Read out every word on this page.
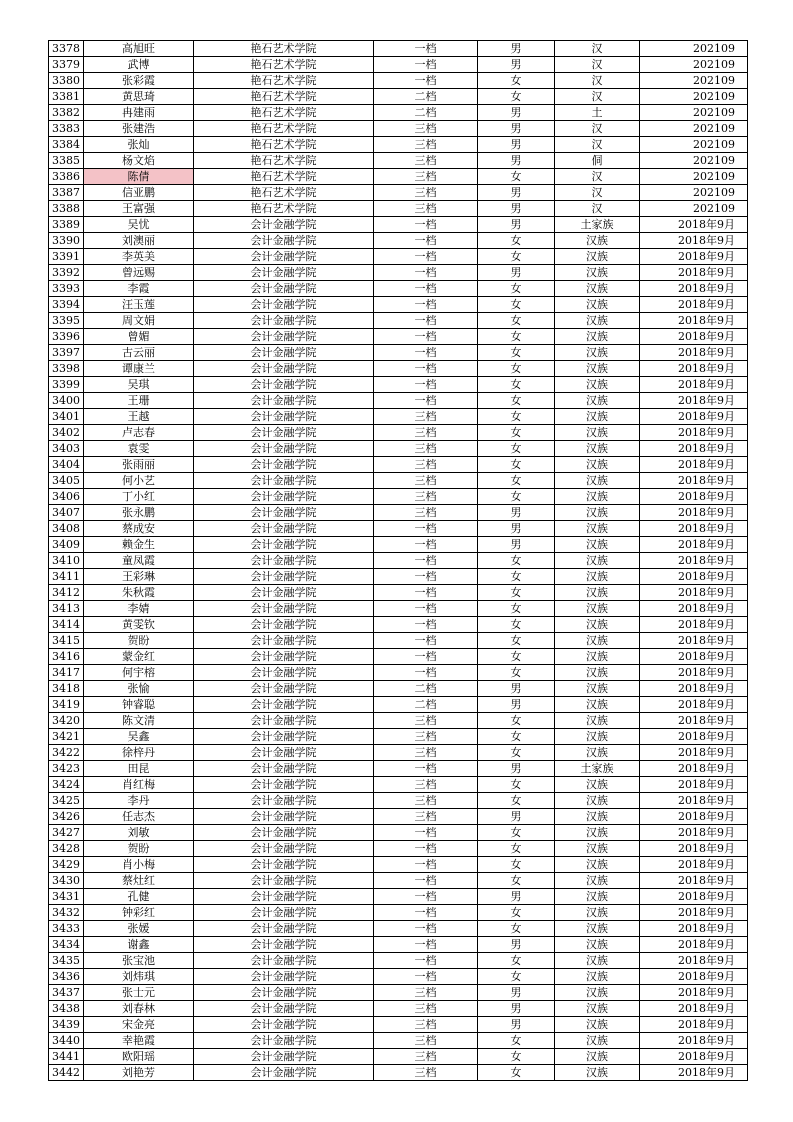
3378	高旭旺	艳石艺术学院	一档	男	汉	202109
3379	武博	艳石艺术学院	一档	男	汉	202109
3380	张彩霞	艳石艺术学院	一档	女	汉	202109
3381	黄思琦	艳石艺术学院	二档	女	汉	202109
3382	冉建雨	艳石艺术学院	二档	男	土	202109
3383	张建浩	艳石艺术学院	三档	男	汉	202109
3384	张灿	艳石艺术学院	三档	男	汉	202109
3385	杨文焰	艳石艺术学院	三档	男	侗	202109
3386	陈倩	艳石艺术学院	三档	女	汉	202109
3387	信亚鹏	艳石艺术学院	三档	男	汉	202109
3388	王富强	艳石艺术学院	三档	男	汉	202109
3389	吴忧	会计金融学院	一档	男	土家族	2018年9月
3390	刘澳丽	会计金融学院	一档	女	汉族	2018年9月
3391	李英美	会计金融学院	一档	女	汉族	2018年9月
3392	曾远赐	会计金融学院	一档	男	汉族	2018年9月
3393	李霞	会计金融学院	一档	女	汉族	2018年9月
3394	汪玉莲	会计金融学院	一档	女	汉族	2018年9月
3395	周文娟	会计金融学院	一档	女	汉族	2018年9月
3396	曾媚	会计金融学院	一档	女	汉族	2018年9月
3397	古云丽	会计金融学院	一档	女	汉族	2018年9月
3398	谭康兰	会计金融学院	一档	女	汉族	2018年9月
3399	吴琪	会计金融学院	一档	女	汉族	2018年9月
3400	王珊	会计金融学院	一档	女	汉族	2018年9月
3401	王越	会计金融学院	三档	女	汉族	2018年9月
3402	卢志春	会计金融学院	三档	女	汉族	2018年9月
3403	袁雯	会计金融学院	三档	女	汉族	2018年9月
3404	张雨丽	会计金融学院	三档	女	汉族	2018年9月
3405	何小艺	会计金融学院	三档	女	汉族	2018年9月
3406	丁小红	会计金融学院	三档	女	汉族	2018年9月
3407	张永鹏	会计金融学院	三档	男	汉族	2018年9月
3408	蔡成安	会计金融学院	一档	男	汉族	2018年9月
3409	赖金生	会计金融学院	一档	男	汉族	2018年9月
3410	童凤霞	会计金融学院	一档	女	汉族	2018年9月
3411	王彩琳	会计金融学院	一档	女	汉族	2018年9月
3412	朱秋霞	会计金融学院	一档	女	汉族	2018年9月
3413	李婧	会计金融学院	一档	女	汉族	2018年9月
3414	黄雯钦	会计金融学院	一档	女	汉族	2018年9月
3415	贺盼	会计金融学院	一档	女	汉族	2018年9月
3416	蒙金红	会计金融学院	一档	女	汉族	2018年9月
3417	何宇榕	会计金融学院	一档	女	汉族	2018年9月
3418	张愉	会计金融学院	二档	男	汉族	2018年9月
3419	钟睿聪	会计金融学院	二档	男	汉族	2018年9月
3420	陈文清	会计金融学院	三档	女	汉族	2018年9月
3421	吴鑫	会计金融学院	三档	女	汉族	2018年9月
3422	徐梓丹	会计金融学院	三档	女	汉族	2018年9月
3423	田昆	会计金融学院	一档	男	土家族	2018年9月
3424	肖红梅	会计金融学院	三档	女	汉族	2018年9月
3425	李丹	会计金融学院	三档	女	汉族	2018年9月
3426	任志杰	会计金融学院	三档	男	汉族	2018年9月
3427	刘敏	会计金融学院	一档	女	汉族	2018年9月
3428	贺盼	会计金融学院	一档	女	汉族	2018年9月
3429	肖小梅	会计金融学院	一档	女	汉族	2018年9月
3430	蔡灶红	会计金融学院	一档	女	汉族	2018年9月
3431	孔健	会计金融学院	一档	男	汉族	2018年9月
3432	钟彩红	会计金融学院	一档	女	汉族	2018年9月
3433	张媛	会计金融学院	一档	女	汉族	2018年9月
3434	谢鑫	会计金融学院	一档	男	汉族	2018年9月
3435	张宝池	会计金融学院	一档	女	汉族	2018年9月
3436	刘炜琪	会计金融学院	一档	女	汉族	2018年9月
3437	张士元	会计金融学院	三档	男	汉族	2018年9月
3438	刘春林	会计金融学院	三档	男	汉族	2018年9月
3439	宋金亮	会计金融学院	三档	男	汉族	2018年9月
3440	幸艳霞	会计金融学院	三档	女	汉族	2018年9月
3441	欧阳瑶	会计金融学院	三档	女	汉族	2018年9月
3442	刘艳芳	会计金融学院	三档	女	汉族	2018年9月
